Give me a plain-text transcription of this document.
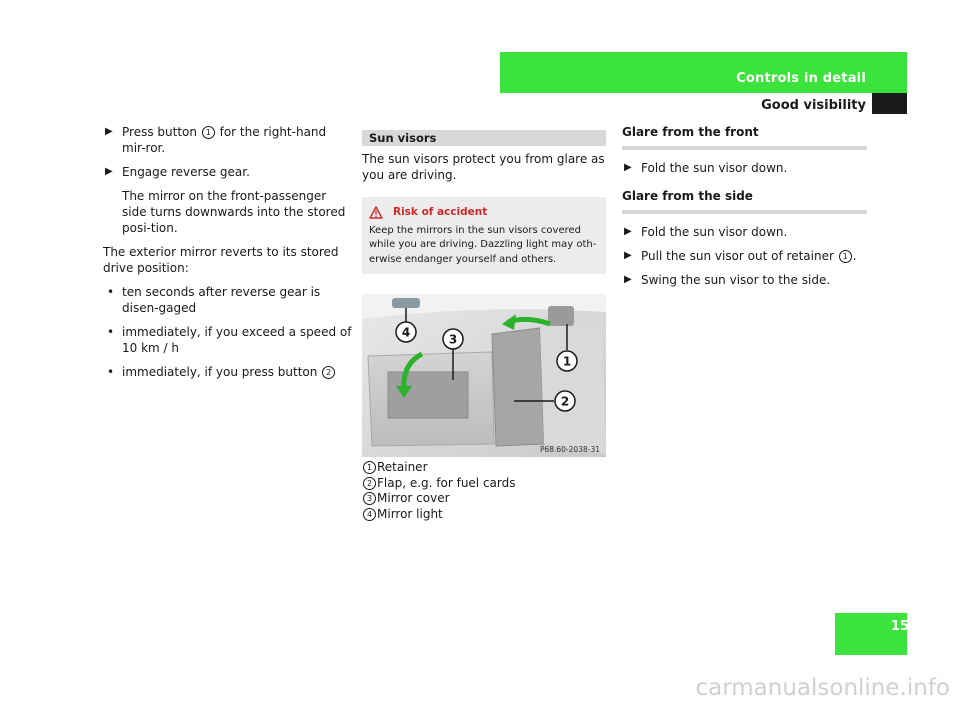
Controls in detail
Good visibility
▶ Press button 1 for the right-hand mir-ror.
▶ Engage reverse gear.
The mirror on the front-passenger side turns downwards into the stored posi-tion.
The exterior mirror reverts to its stored drive position:
• ten seconds after reverse gear is disen-gaged
• immediately, if you exceed a speed of 10 km / h
• immediately, if you press button 2
Sun visors
The sun visors protect you from glare as you are driving.
Risk of accident
Keep the mirrors in the sun visors covered while you are driving. Dazzling light may oth-erwise endanger yourself and others.
4	3
1
2
P68.60-2038-31
1 Retainer
2 Flap, e.g. for fuel cards
3 Mirror cover
4 Mirror light
Glare from the front
▶ Fold the sun visor down.
Glare from the side
▶ Fold the sun visor down.
▶ Pull the sun visor out of retainer 1 .
▶ Swing the sun visor to the side.
151
carmanualsonline.info
